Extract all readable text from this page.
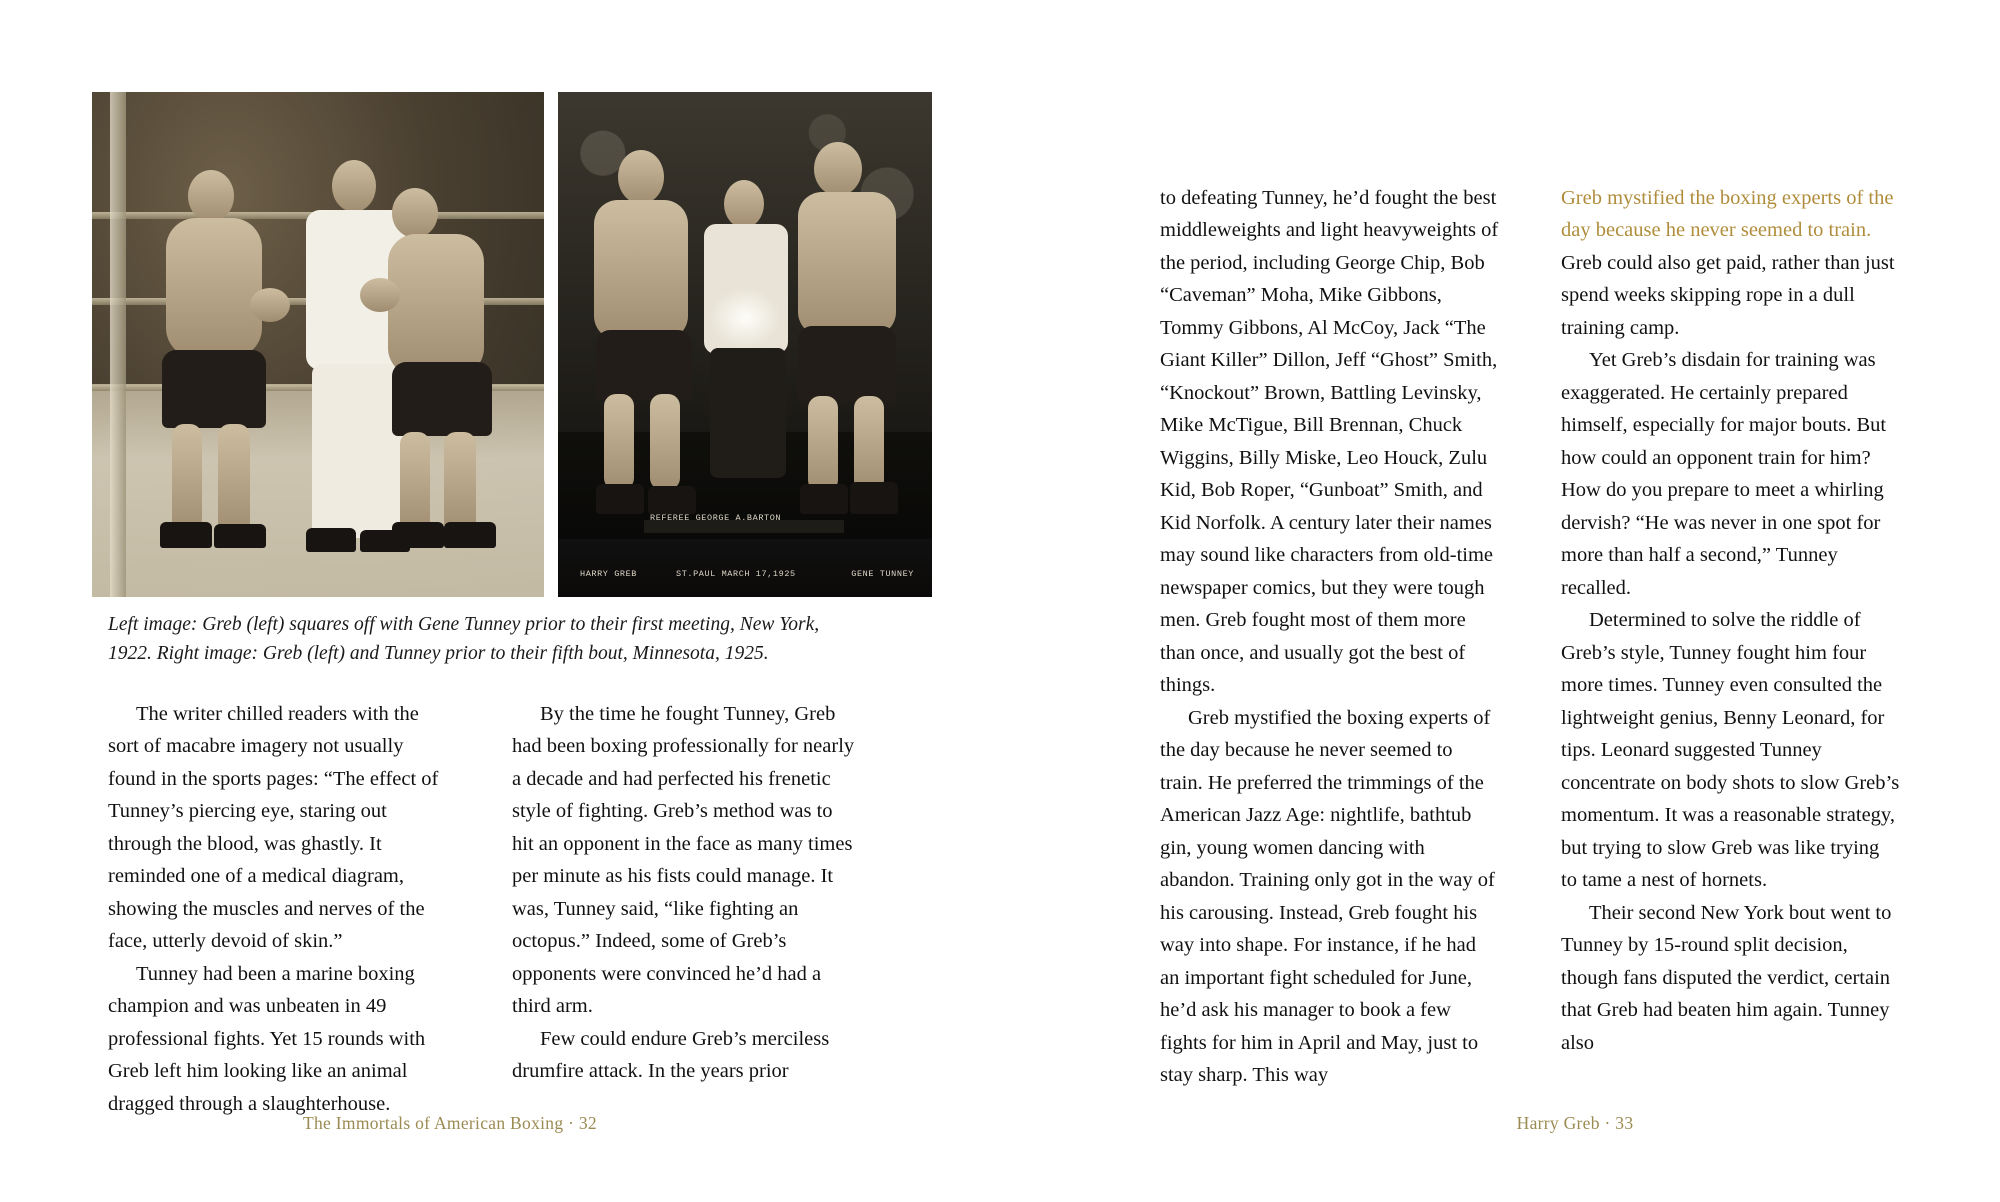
REFEREE GEORGE A.BARTON
HARRY GREB	ST.PAUL MARCH 17,1925	GENE TUNNEY
Left image: Greb (left) squares off with Gene Tunney prior to their first meeting, New York, 1922. Right image: Greb (left) and Tunney prior to their fifth bout, Minnesota, 1925.

The writer chilled readers with the sort of macabre imagery not usually found in the sports pages: “The effect of Tunney’s piercing eye, staring out through the blood, was ghastly. It reminded one of a medical diagram, showing the muscles and nerves of the face, utterly devoid of skin.”

Tunney had been a marine boxing champion and was unbeaten in 49 professional fights. Yet 15 rounds with Greb left him looking like an animal dragged through a slaughterhouse.

By the time he fought Tunney, Greb had been boxing professionally for nearly a decade and had perfected his frenetic style of fighting. Greb’s method was to hit an opponent in the face as many times per minute as his fists could manage. It was, Tunney said, “like fighting an octopus.” Indeed, some of Greb’s opponents were convinced he’d had a third arm.

Few could endure Greb’s merciless drumfire attack. In the years prior

The Immortals of American Boxing · 32

to defeating Tunney, he’d fought the best middleweights and light heavyweights of the period, including George Chip, Bob “Caveman” Moha, Mike Gibbons, Tommy Gibbons, Al McCoy, Jack “The Giant Killer” Dillon, Jeff “Ghost” Smith, “Knockout” Brown, Battling Levinsky, Mike McTigue, Bill Brennan, Chuck Wiggins, Billy Miske, Leo Houck, Zulu Kid, Bob Roper, “Gunboat” Smith, and Kid Norfolk. A century later their names may sound like characters from old-time newspaper comics, but they were tough men. Greb fought most of them more than once, and usually got the best of things.

Greb mystified the boxing experts of the day because he never seemed to train. He preferred the trimmings of the American Jazz Age: nightlife, bathtub gin, young women dancing with abandon. Training only got in the way of his carousing. Instead, Greb fought his way into shape. For instance, if he had an important fight scheduled for June, he’d ask his manager to book a few fights for him in April and May, just to stay sharp. This way

Greb mystified the boxing experts of the day because he never seemed to train.

Greb could also get paid, rather than just spend weeks skipping rope in a dull training camp.

Yet Greb’s disdain for training was exaggerated. He certainly prepared himself, especially for major bouts. But how could an opponent train for him? How do you prepare to meet a whirling dervish? “He was never in one spot for more than half a second,” Tunney recalled.

Determined to solve the riddle of Greb’s style, Tunney fought him four more times. Tunney even consulted the lightweight genius, Benny Leonard, for tips. Leonard suggested Tunney concentrate on body shots to slow Greb’s momentum. It was a reasonable strategy, but trying to slow Greb was like trying to tame a nest of hornets.

Their second New York bout went to Tunney by 15-round split decision, though fans disputed the verdict, certain that Greb had beaten him again. Tunney also

Harry Greb · 33
